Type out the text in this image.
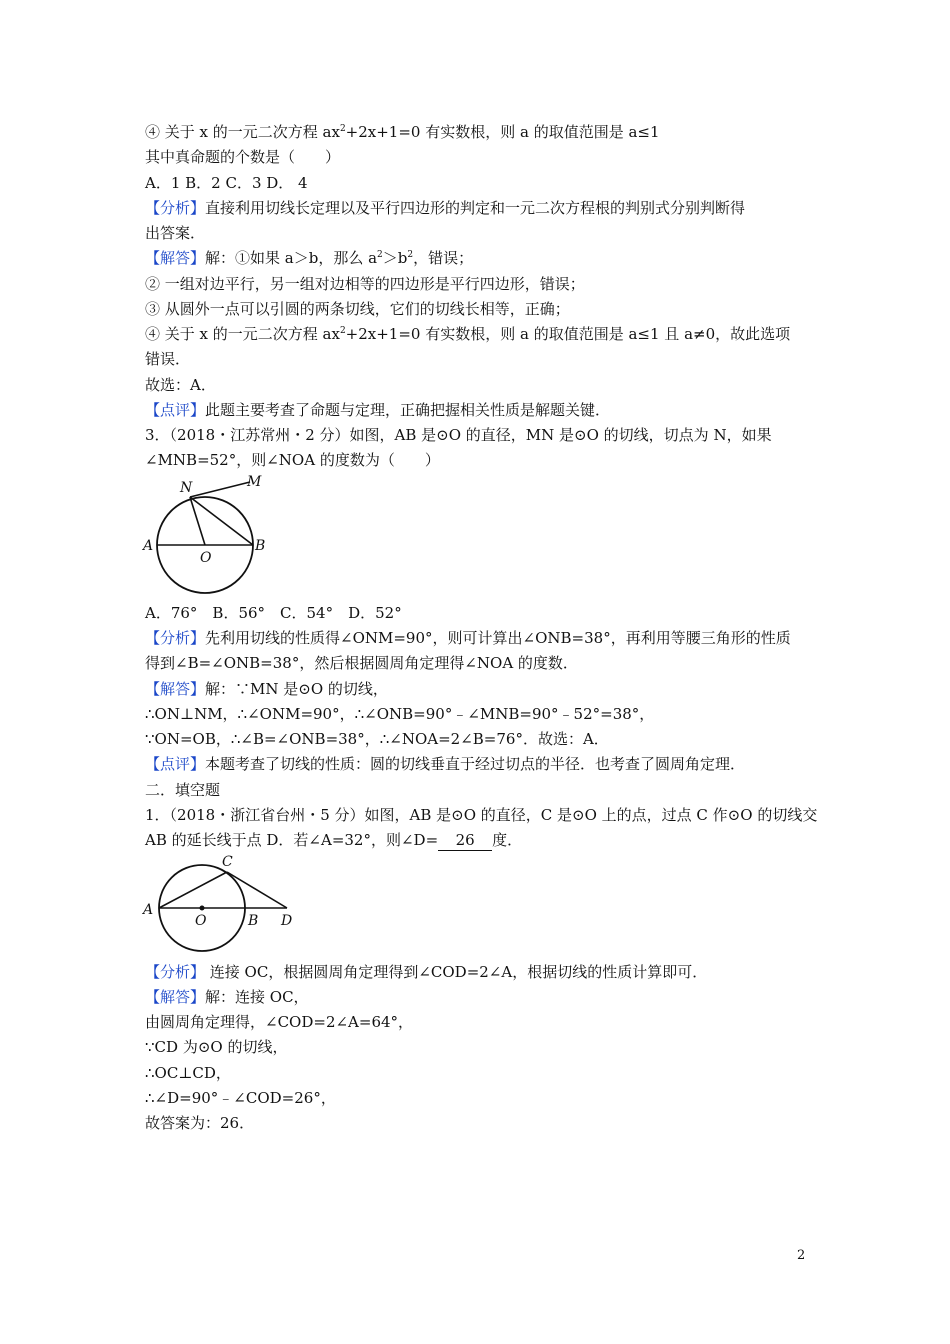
④ 关于 x 的一元二次方程 $ax^2+2x+1=0$ 有实数根，则 a 的取值范围是 a≤1
其中真命题的个数是（　　）
A．1 B．2 C．3 D． 4
【分析】直接利用切线长定理以及平行四边形的判定和一元二次方程根的判别式分别判断得
出答案．
【解答】解：①如果 a＞b，那么 $a^2>b^2$，错误；
② 一组对边平行，另一组对边相等的四边形是平行四边形，错误；
③ 从圆外一点可以引圆的两条切线，它们的切线长相等，正确；
④ 关于 x 的一元二次方程 $ax^2+2x+1=0$ 有实数根，则 a 的取值范围是 a≤1 且 a≠0，故此选项
错误．
故选：A．
【点评】此题主要考查了命题与定理，正确把握相关性质是解题关键．
3．（2018・江苏常州・2 分）如图，AB 是⊙O 的直径，MN 是⊙O 的切线，切点为 N，如果
∠MNB=52°，则∠NOA 的度数为（　　）
N	M
A
O
B
A．76°　B．56°　C．54°　D．52°
【分析】先利用切线的性质得∠ONM=90°，则可计算出∠ONB=38°，再利用等腰三角形的性质
得到∠B=∠ONB=38°，然后根据圆周角定理得∠NOA 的度数．
【解答】解：∵MN 是⊙O 的切线，
∴ON⊥NM，∴∠ONM=90°，∴∠ONB=90°﹣∠MNB=90°﹣52°=38°，
∵ON=OB，∴∠B=∠ONB=38°，∴∠NOA=2∠B=76°．故选：A．
【点评】本题考查了切线的性质：圆的切线垂直于经过切点的半径．也考查了圆周角定理．
二．填空题
1．（2018・浙江省台州・5 分）如图，AB 是⊙O 的直径，C 是⊙O 上的点，过点 C 作⊙O 的切线交
AB 的延长线于点 D．若∠A=32°，则∠D= 26 度．
C
A
O	B D
【分析】 连接 OC，根据圆周角定理得到∠COD=2∠A，根据切线的性质计算即可．
【解答】解：连接 OC，
由圆周角定理得，∠COD=2∠A=64°，
∵CD 为⊙O 的切线，
∴OC⊥CD，
∴∠D=90°﹣∠COD=26°，
故答案为：26．
2
